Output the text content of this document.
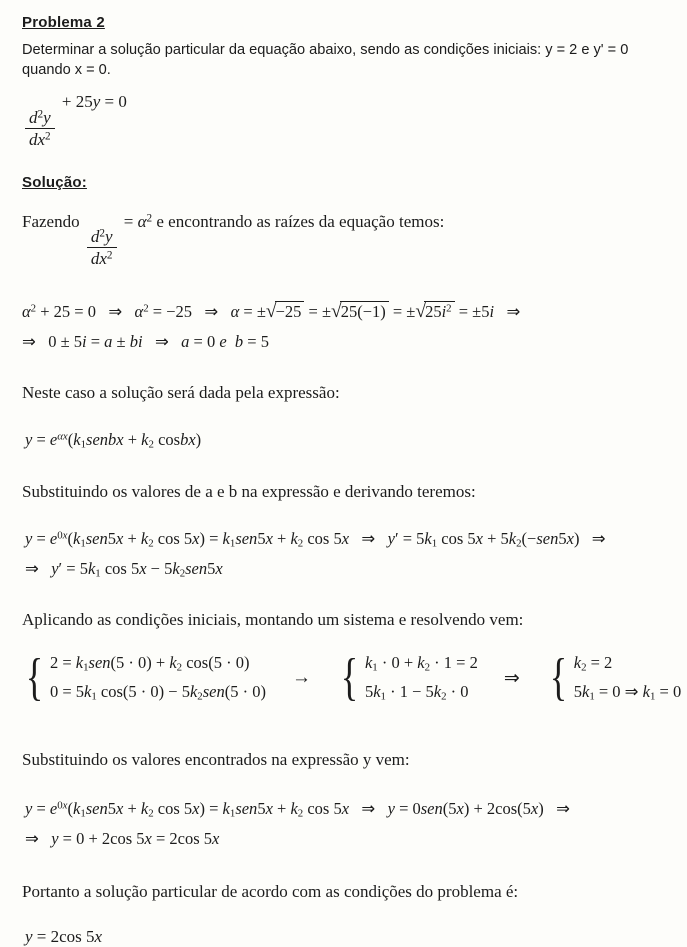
Problema 2

Determinar a solução particular da equação abaixo, sendo as condições iniciais: y = 2 e y' = 0 quando x = 0.

$\frac{d^2y}{dx^2}$
+ 25y = 0
Solução:

Fazendo
$\frac{d^2y}{dx^2}$
= $\alpha^2$ e encontrando as raízes da equação temos:

$\alpha^2 + 25 = 0$   ⇒   $\alpha^2 = -25$   ⇒   $\alpha = \pm√-25 = \pm√25(-1) = \pm√25i^2 = \pm 5i$   ⇒
⇒   0 ± 5i = a ± bi   ⇒   a = 0 e b = 5

Neste caso a solução será dada pela expressão:

$y = e^{\alpha x}(k_1senbx + k_2$ cosbx)

Substituindo os valores de a e b na expressão e derivando teremos:

$y = e^{0x}(k_1sen5x + k_2$ $\cos 5x) = k_1sen5x + k_2$ cos 5x   ⇒   $y' = 5k_1$ $\cos 5x + 5k_2(-sen5x)$   ⇒
⇒   $y' = 5k_1$ $\cos 5x - 5k_2sen5x$

Aplicando as condições iniciais, montando um sistema e resolvendo vem:

{ $2 = k_1sen(5 \cdot 0) + k_2$ cos(5 · 0)
$0 = 5k_1$ $\cos(5 \cdot 0) - 5k_2sen(5 \cdot 0)$
→ { $k_1 \cdot 0 + k_2 \cdot 1 = 2$
$5k_1 \cdot 1 - 5k_2 \cdot 0$
⇒ { $k_2 = 2$
$5k_1 = 0$ ⇒ $k_1 = 0$

Substituindo os valores encontrados na expressão y vem:

$y = e^{0x}(k_1sen5x + k_2$ $\cos 5x) = k_1sen5x + k_2$ cos 5x   ⇒   y = 0sen(5x) + 2cos(5x)   ⇒
⇒   y = 0 + 2cos 5x = 2cos 5x

Portanto a solução particular de acordo com as condições do problema é:

y = 2cos 5x
